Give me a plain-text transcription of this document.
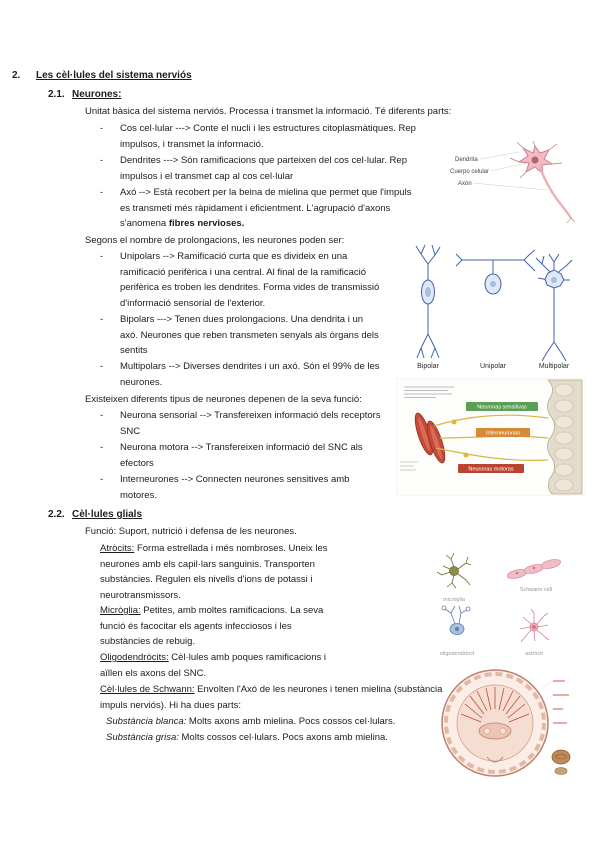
2. Les cèl·lules del sistema nerviós
2.1. Neurones:
Unitat bàsica del sistema nerviós. Processa i transmet la informació. Té diferents parts:
-	Cos cel·lular ---> Conte el nucli i les estructures citoplasmàtiques. Rep impulsos, i transmet la informació.
-	Dendrites ---> Són ramificacions que parteixen del cos cel·lular. Rep impulsos i el transmet cap al cos cel·lular
-	Axó --> Està recobert per la beina de mielina que permet que l'impuls es transmeti més ràpidament i eficientment. L'agrupació d'axons s'anomena fibres nervioses.
Segons el nombre de prolongacions, les neurones poden ser:
-	Unipolars --> Ramificació curta que es divideix en una ramificació perifèrica i una central. Al final de la ramificació perifèrica es troben les dendrites. Forma vides de transmissió d'informació sensorial de l'exterior.
-	Bipolars ---> Tenen dues prolongacions. Una dendrita i un axó. Neurones que reben transmeten senyals als òrgans dels sentits
-	Multipolars --> Diverses dendrites i un axó. Són el 99% de les neurones.
Existeixen diferents tipus de neurones depenen de la seva funció:
-	Neurona sensorial --> Transfereixen informació dels receptors SNC
-	Neurona motora --> Transfereixen informació del SNC als efectors
-	Interneurones --> Connecten neurones sensitives amb motores.
2.2. Cèl·lules glials
Funció: Suport, nutrició i defensa de les neurones.
Atròcits: Forma estrellada i més nombroses. Uneix les neurones amb els capil·lars sanguinis. Transporten substàncies. Regulen els nivells d'ions de potassi i neurotransmissors.
Micròglia: Petites, amb moltes ramificacions. La seva funció és facocitar els agents infecciosos i les substàncies de rebuig.
Oligodendròcits: Cèl·lules amb poques ramificacions i aïllen els axons del SNC.
Cèl·lules de Schwann: Envolten l'Axó de les neurones i tenen mielina (substància impuls nerviós). Hi ha dues parts:
Substància blanca: Molts axons amb mielina. Pocs cossos cel·lulars.
Substància grisa: Molts cossos cel·lulars. Pocs axons amb mielina.
Dendrita
Cuerpo celular
Axón
Bipolar	Unipolar	Multipolar
Neuronas sensitivas
Interneuronas
Neuronas motoras
micròglia
Schwann cell
oligodendròcit	astròcit
